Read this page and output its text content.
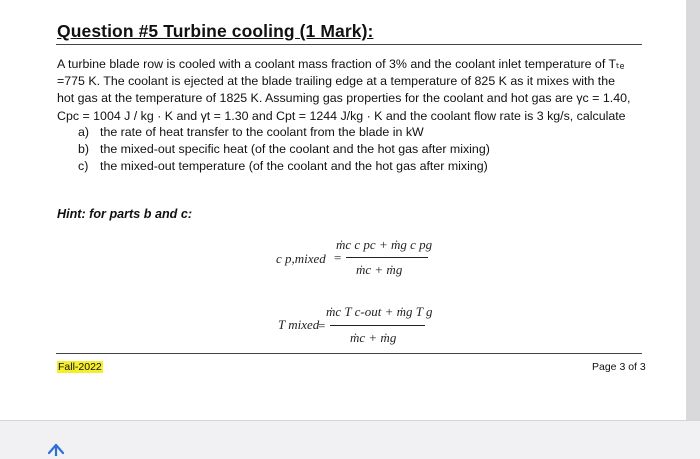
Question #5 Turbine cooling (1 Mark):
A turbine blade row is cooled with a coolant mass fraction of 3% and the coolant inlet temperature of Tₜₑ
=775 K. The coolant is ejected at the blade trailing edge at a temperature of 825 K as it mixes with the
hot gas at the temperature of 1825 K. Assuming gas properties for the coolant and hot gas are γc = 1.40,
Cpc = 1004 J / kg · K and γt = 1.30 and Cpt = 1244 J/kg · K and the coolant flow rate is 3 kg/s, calculate
a) the rate of heat transfer to the coolant from the blade in kW
b) the mixed-out specific heat (of the coolant and the hot gas after mixing)
c) the mixed-out temperature (of the coolant and the hot gas after mixing)
Hint: for parts b and c:
c p,mixed =
ṁc c pc + ṁg c pg
ṁc + ṁg
T mixed
=
ṁc T c-out + ṁg T g
ṁc + ṁg
Fall-2022	Page 3 of 3
